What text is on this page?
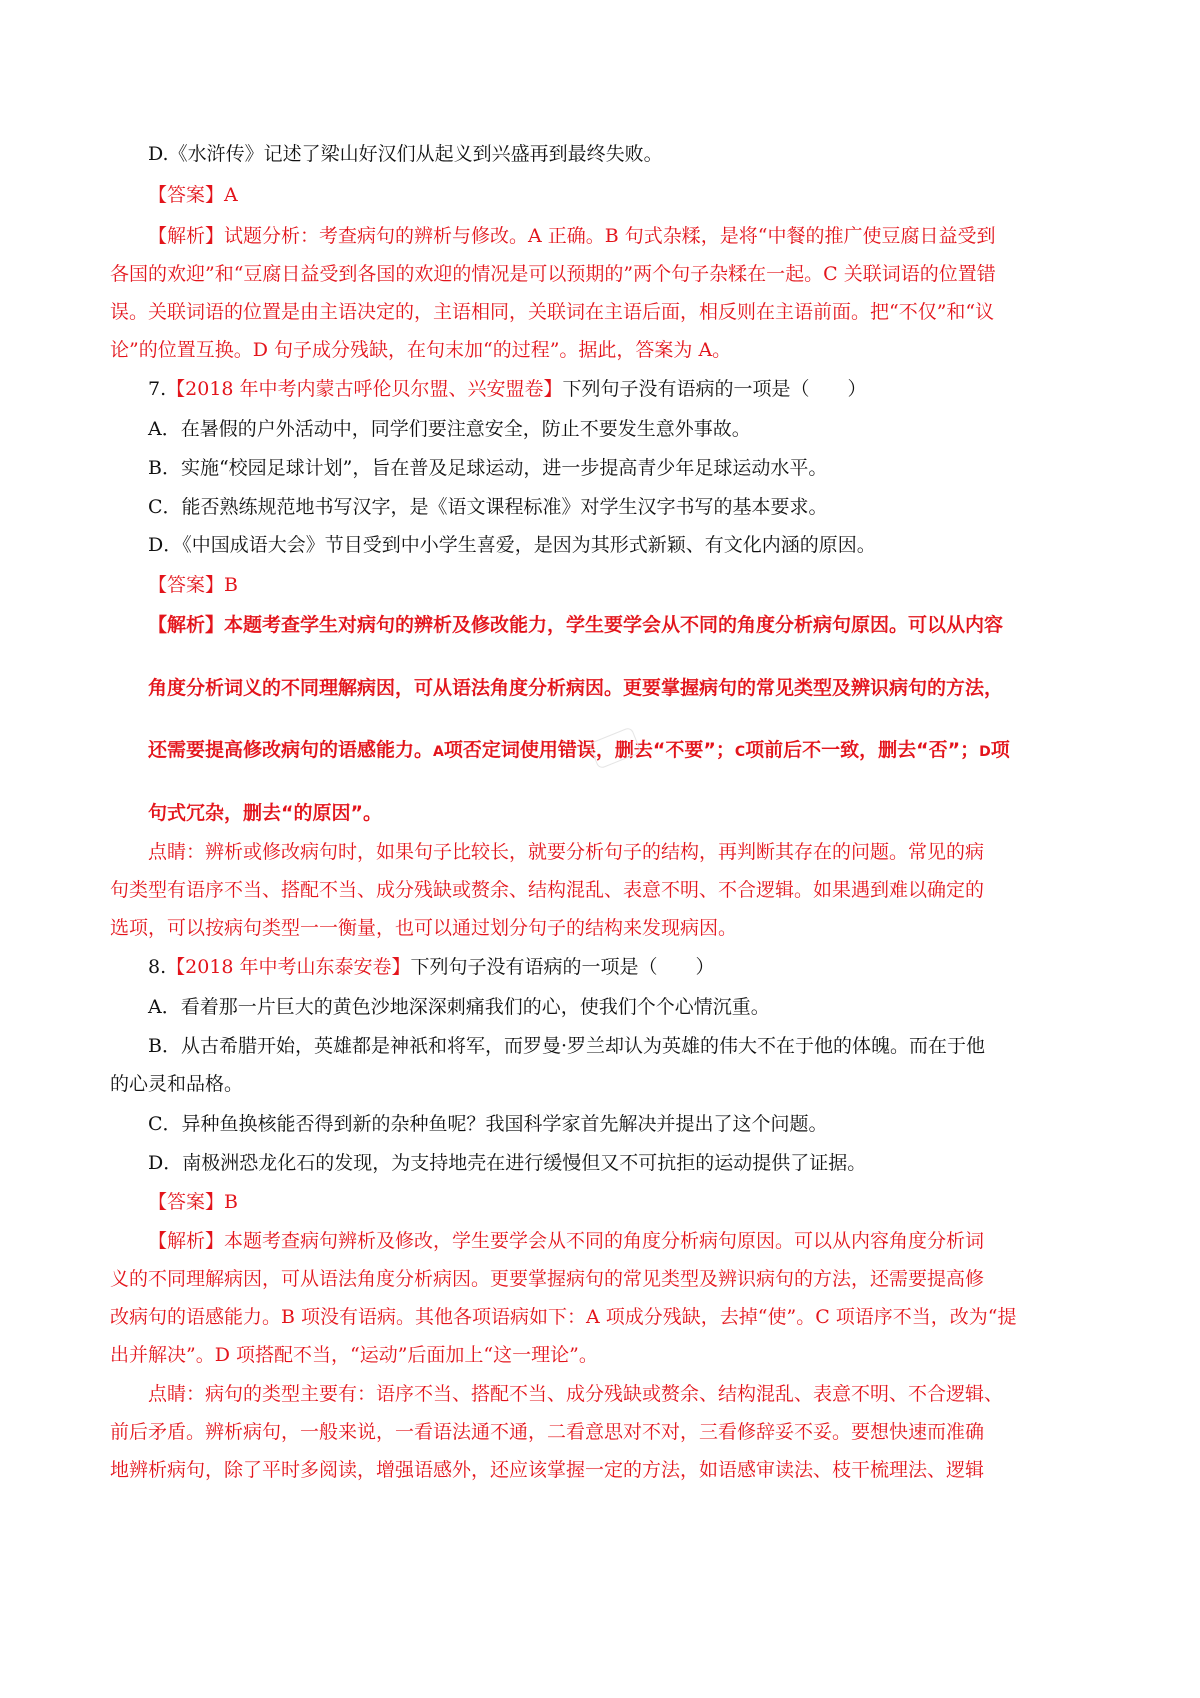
D.《水浒传》记述了梁山好汉们从起义到兴盛再到最终失败。

【答案】A

【解析】试题分析：考查病句的辨析与修改。A 正确。B 句式杂糅，是将“中餐的推广使豆腐日益受到

各国的欢迎”和“豆腐日益受到各国的欢迎的情况是可以预期的”两个句子杂糅在一起。C 关联词语的位置错

误。关联词语的位置是由主语决定的，主语相同，关联词在主语后面，相反则在主语前面。把“不仅”和“议

论”的位置互换。D 句子成分残缺，在句末加“的过程”。据此，答案为 A。

7.【2018 年中考内蒙古呼伦贝尔盟、兴安盟卷】下列句子没有语病的一项是（　　）

A．在暑假的户外活动中，同学们要注意安全，防止不要发生意外事故。

B．实施“校园足球计划”，旨在普及足球运动，进一步提高青少年足球运动水平。

C．能否熟练规范地书写汉字，是《语文课程标准》对学生汉字书写的基本要求。

D．《中国成语大会》节目受到中小学生喜爱，是因为其形式新颖、有文化内涵的原因。

【答案】B

【解析】本题考查学生对病句的辨析及修改能力，学生要学会从不同的角度分析病句原因。可以从内容

角度分析词义的不同理解病因，可从语法角度分析病因。更要掌握病句的常见类型及辨识病句的方法，

还需要提高修改病句的语感能力。A项否定词使用错误，删去“不要”；C项前后不一致，删去“否”；D项

句式冗杂，删去“的原因”。

点睛：辨析或修改病句时，如果句子比较长，就要分析句子的结构，再判断其存在的问题。常见的病

句类型有语序不当、搭配不当、成分残缺或赘余、结构混乱、表意不明、不合逻辑。如果遇到难以确定的

选项，可以按病句类型一一衡量，也可以通过划分句子的结构来发现病因。

8.【2018 年中考山东泰安卷】下列句子没有语病的一项是（　　）

A．看着那一片巨大的黄色沙地深深刺痛我们的心，使我们个个心情沉重。

B．从古希腊开始，英雄都是神祇和将军，而罗曼·罗兰却认为英雄的伟大不在于他的体魄。而在于他

的心灵和品格。

C．异种鱼换核能否得到新的杂种鱼呢？我国科学家首先解决并提出了这个问题。

D．南极洲恐龙化石的发现，为支持地壳在进行缓慢但又不可抗拒的运动提供了证据。

【答案】B

【解析】本题考查病句辨析及修改，学生要学会从不同的角度分析病句原因。可以从内容角度分析词

义的不同理解病因，可从语法角度分析病因。更要掌握病句的常见类型及辨识病句的方法，还需要提高修

改病句的语感能力。B 项没有语病。其他各项语病如下：A 项成分残缺，去掉“使”。C 项语序不当，改为“提

出并解决”。D 项搭配不当，“运动”后面加上“这一理论”。

点睛：病句的类型主要有：语序不当、搭配不当、成分残缺或赘余、结构混乱、表意不明、不合逻辑、

前后矛盾。辨析病句，一般来说，一看语法通不通，二看意思对不对，三看修辞妥不妥。要想快速而准确

地辨析病句，除了平时多阅读，增强语感外，还应该掌握一定的方法，如语感审读法、枝干梳理法、逻辑
